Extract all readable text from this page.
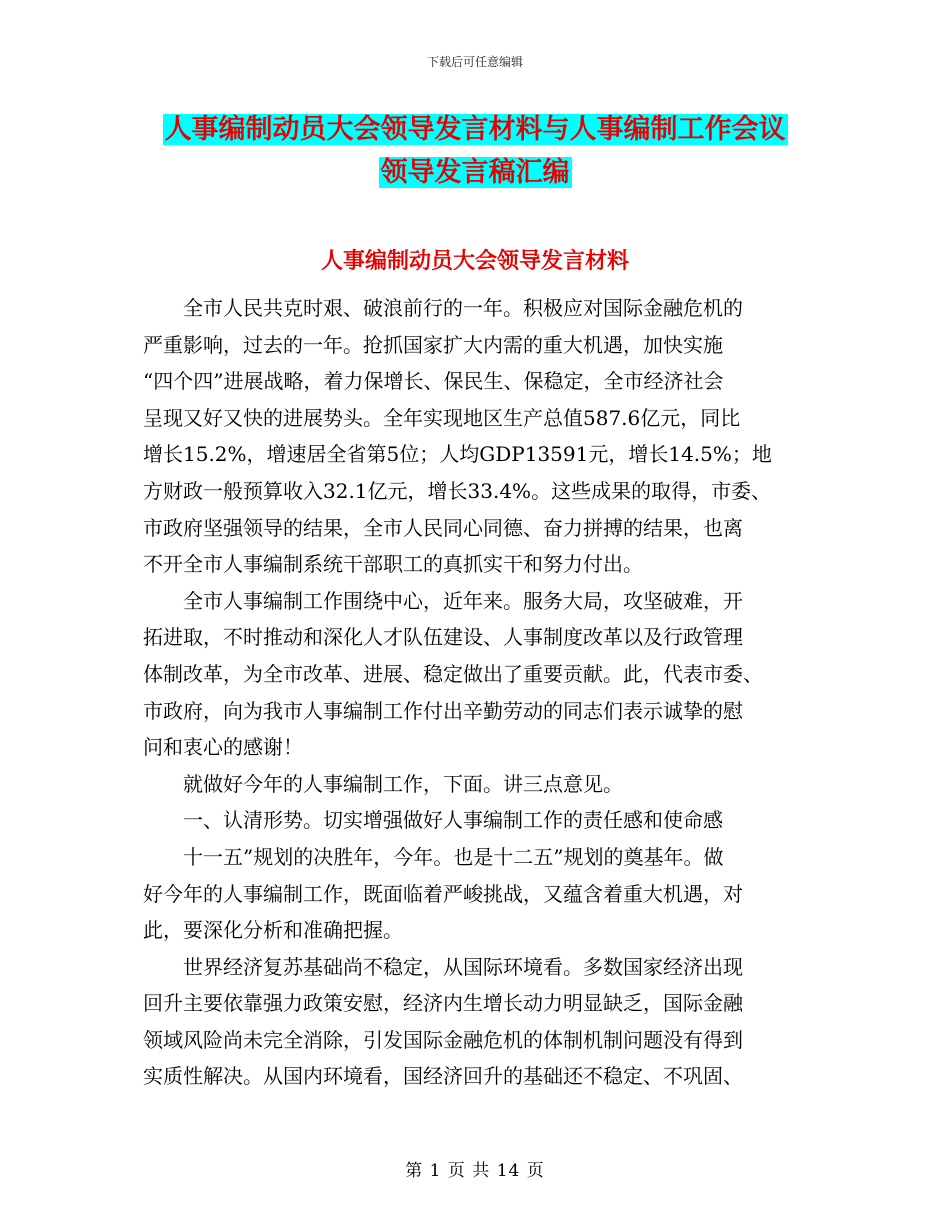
下载后可任意编辑
人事编制动员大会领导发言材料与人事编制工作会议
领导发言稿汇编
人事编制动员大会领导发言材料
　　全市人民共克时艰、破浪前行的一年。积极应对国际金融危机的
严重影响，过去的一年。抢抓国家扩大内需的重大机遇，加快实施
“四个四”进展战略，着力保增长、保民生、保稳定，全市经济社会
呈现又好又快的进展势头。全年实现地区生产总值587.6亿元，同比
增长15.2%，增速居全省第5位；人均GDP13591元，增长14.5%；地
方财政一般预算收入32.1亿元，增长33.4%。这些成果的取得，市委、
市政府坚强领导的结果，全市人民同心同德、奋力拼搏的结果，也离
不开全市人事编制系统干部职工的真抓实干和努力付出。
　　全市人事编制工作围绕中心，近年来。服务大局，攻坚破难，开
拓进取，不时推动和深化人才队伍建设、人事制度改革以及行政管理
体制改革，为全市改革、进展、稳定做出了重要贡献。此，代表市委、
市政府，向为我市人事编制工作付出辛勤劳动的同志们表示诚挚的慰
问和衷心的感谢！
　　就做好今年的人事编制工作，下面。讲三点意见。
　　一、认清形势。切实增强做好人事编制工作的责任感和使命感
　　十一五”规划的决胜年，今年。也是十二五”规划的奠基年。做
好今年的人事编制工作，既面临着严峻挑战，又蕴含着重大机遇，对
此，要深化分析和准确把握。
　　世界经济复苏基础尚不稳定，从国际环境看。多数国家经济出现
回升主要依靠强力政策安慰，经济内生增长动力明显缺乏，国际金融
领域风险尚未完全消除，引发国际金融危机的体制机制问题没有得到
实质性解决。从国内环境看，国经济回升的基础还不稳定、不巩固、
第 1 页 共 14 页
